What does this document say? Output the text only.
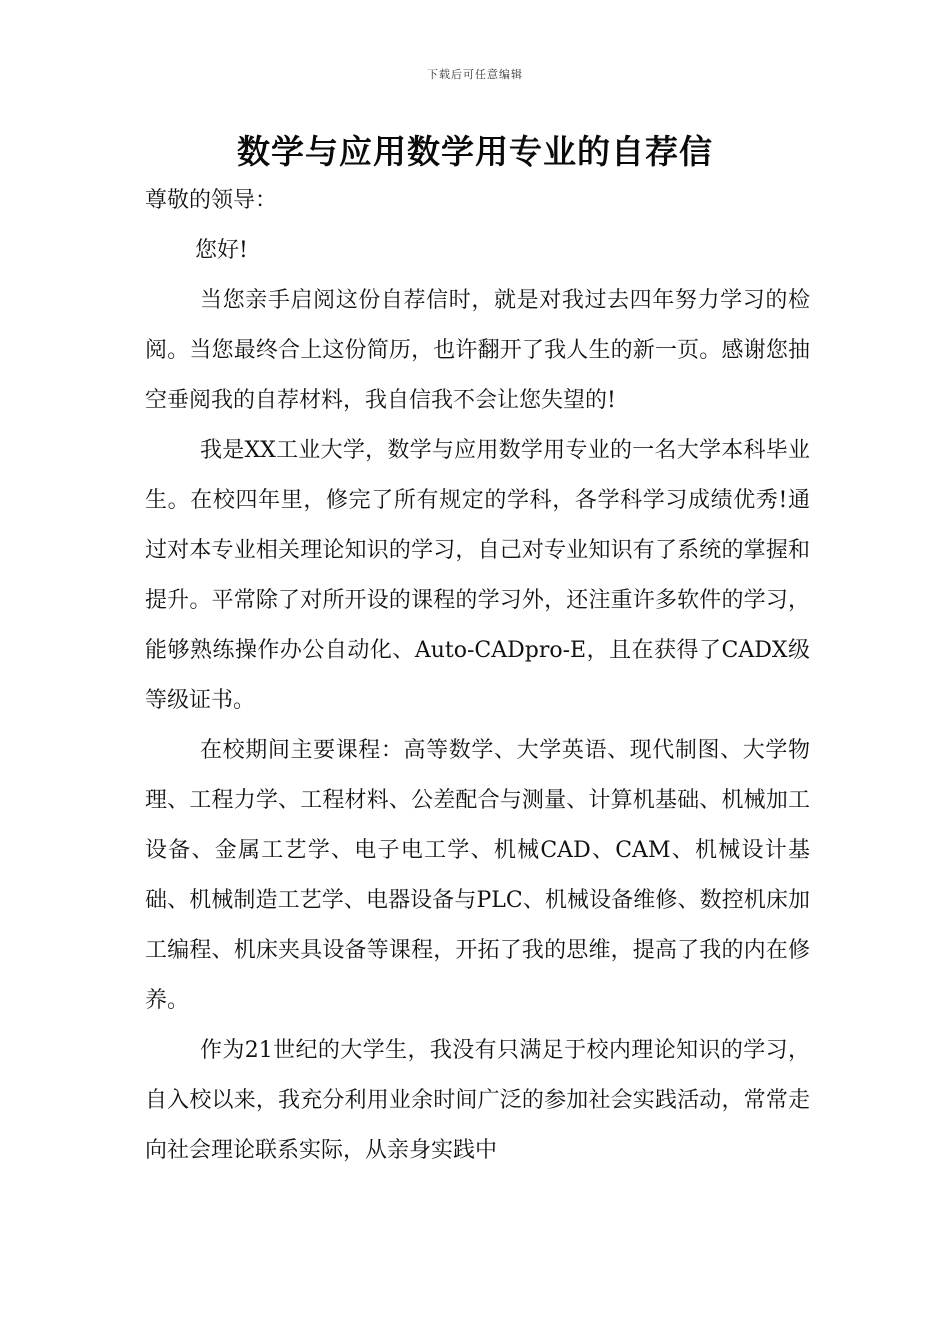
下载后可任意编辑
数学与应用数学用专业的自荐信

尊敬的领导：

您好!

当您亲手启阅这份自荐信时，就是对我过去四年努力学习的检阅。当您最终合上这份简历，也许翻开了我人生的新一页。感谢您抽空垂阅我的自荐材料，我自信我不会让您失望的!

我是XX工业大学，数学与应用数学用专业的一名大学本科毕业生。在校四年里，修完了所有规定的学科，各学科学习成绩优秀!通过对本专业相关理论知识的学习，自己对专业知识有了系统的掌握和提升。平常除了对所开设的课程的学习外，还注重许多软件的学习，能够熟练操作办公自动化、Auto-CADpro-E，且在获得了CADX级等级证书。

在校期间主要课程：高等数学、大学英语、现代制图、大学物理、工程力学、工程材料、公差配合与测量、计算机基础、机械加工设备、金属工艺学、电子电工学、机械CAD、CAM、机械设计基础、机械制造工艺学、电器设备与PLC、机械设备维修、数控机床加工编程、机床夹具设备等课程，开拓了我的思维，提高了我的内在修养。

作为21世纪的大学生，我没有只满足于校内理论知识的学习，自入校以来，我充分利用业余时间广泛的参加社会实践活动，常常走向社会理论联系实际，从亲身实践中
